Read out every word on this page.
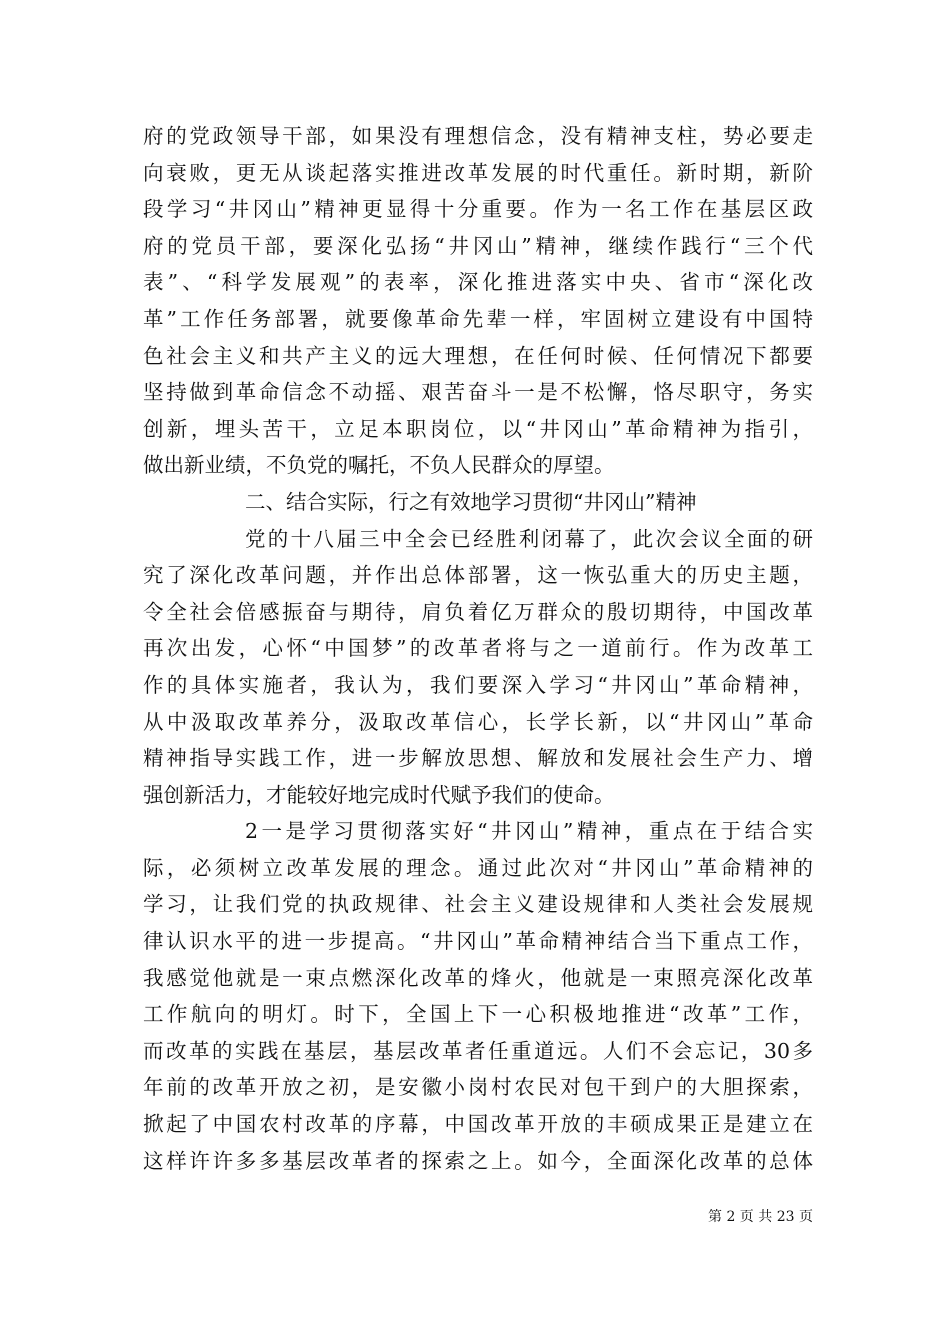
府的党政领导干部，如果没有理想信念，没有精神支柱，势必要走
向衰败，更无从谈起落实推进改革发展的时代重任。新时期，新阶
段学习“井冈山”精神更显得十分重要。作为一名工作在基层区政
府的党员干部，要深化弘扬“井冈山”精神，继续作践行“三个代
表”、“科学发展观”的表率，深化推进落实中央、省市“深化改
革”工作任务部署，就要像革命先辈一样，牢固树立建设有中国特
色社会主义和共产主义的远大理想，在任何时候、任何情况下都要
坚持做到革命信念不动摇、艰苦奋斗一是不松懈，恪尽职守，务实
创新，埋头苦干，立足本职岗位，以“井冈山”革命精神为指引，
做出新业绩，不负党的嘱托，不负人民群众的厚望。
二、结合实际，行之有效地学习贯彻“井冈山”精神
党的十八届三中全会已经胜利闭幕了，此次会议全面的研
究了深化改革问题，并作出总体部署，这一恢弘重大的历史主题，
令全社会倍感振奋与期待，肩负着亿万群众的殷切期待，中国改革
再次出发，心怀“中国梦”的改革者将与之一道前行。作为改革工
作的具体实施者，我认为，我们要深入学习“井冈山”革命精神，
从中汲取改革养分，汲取改革信心，长学长新，以“井冈山”革命
精神指导实践工作，进一步解放思想、解放和发展社会生产力、增
强创新活力，才能较好地完成时代赋予我们的使命。
2一是学习贯彻落实好“井冈山”精神，重点在于结合实
际，必须树立改革发展的理念。通过此次对“井冈山”革命精神的
学习，让我们党的执政规律、社会主义建设规律和人类社会发展规
律认识水平的进一步提高。“井冈山”革命精神结合当下重点工作，
我感觉他就是一束点燃深化改革的烽火，他就是一束照亮深化改革
工作航向的明灯。时下，全国上下一心积极地推进“改革”工作，
而改革的实践在基层，基层改革者任重道远。人们不会忘记，30多
年前的改革开放之初，是安徽小岗村农民对包干到户的大胆探索，
掀起了中国农村改革的序幕，中国改革开放的丰硕成果正是建立在
这样许许多多基层改革者的探索之上。如今，全面深化改革的总体
第 2 页 共 23 页
